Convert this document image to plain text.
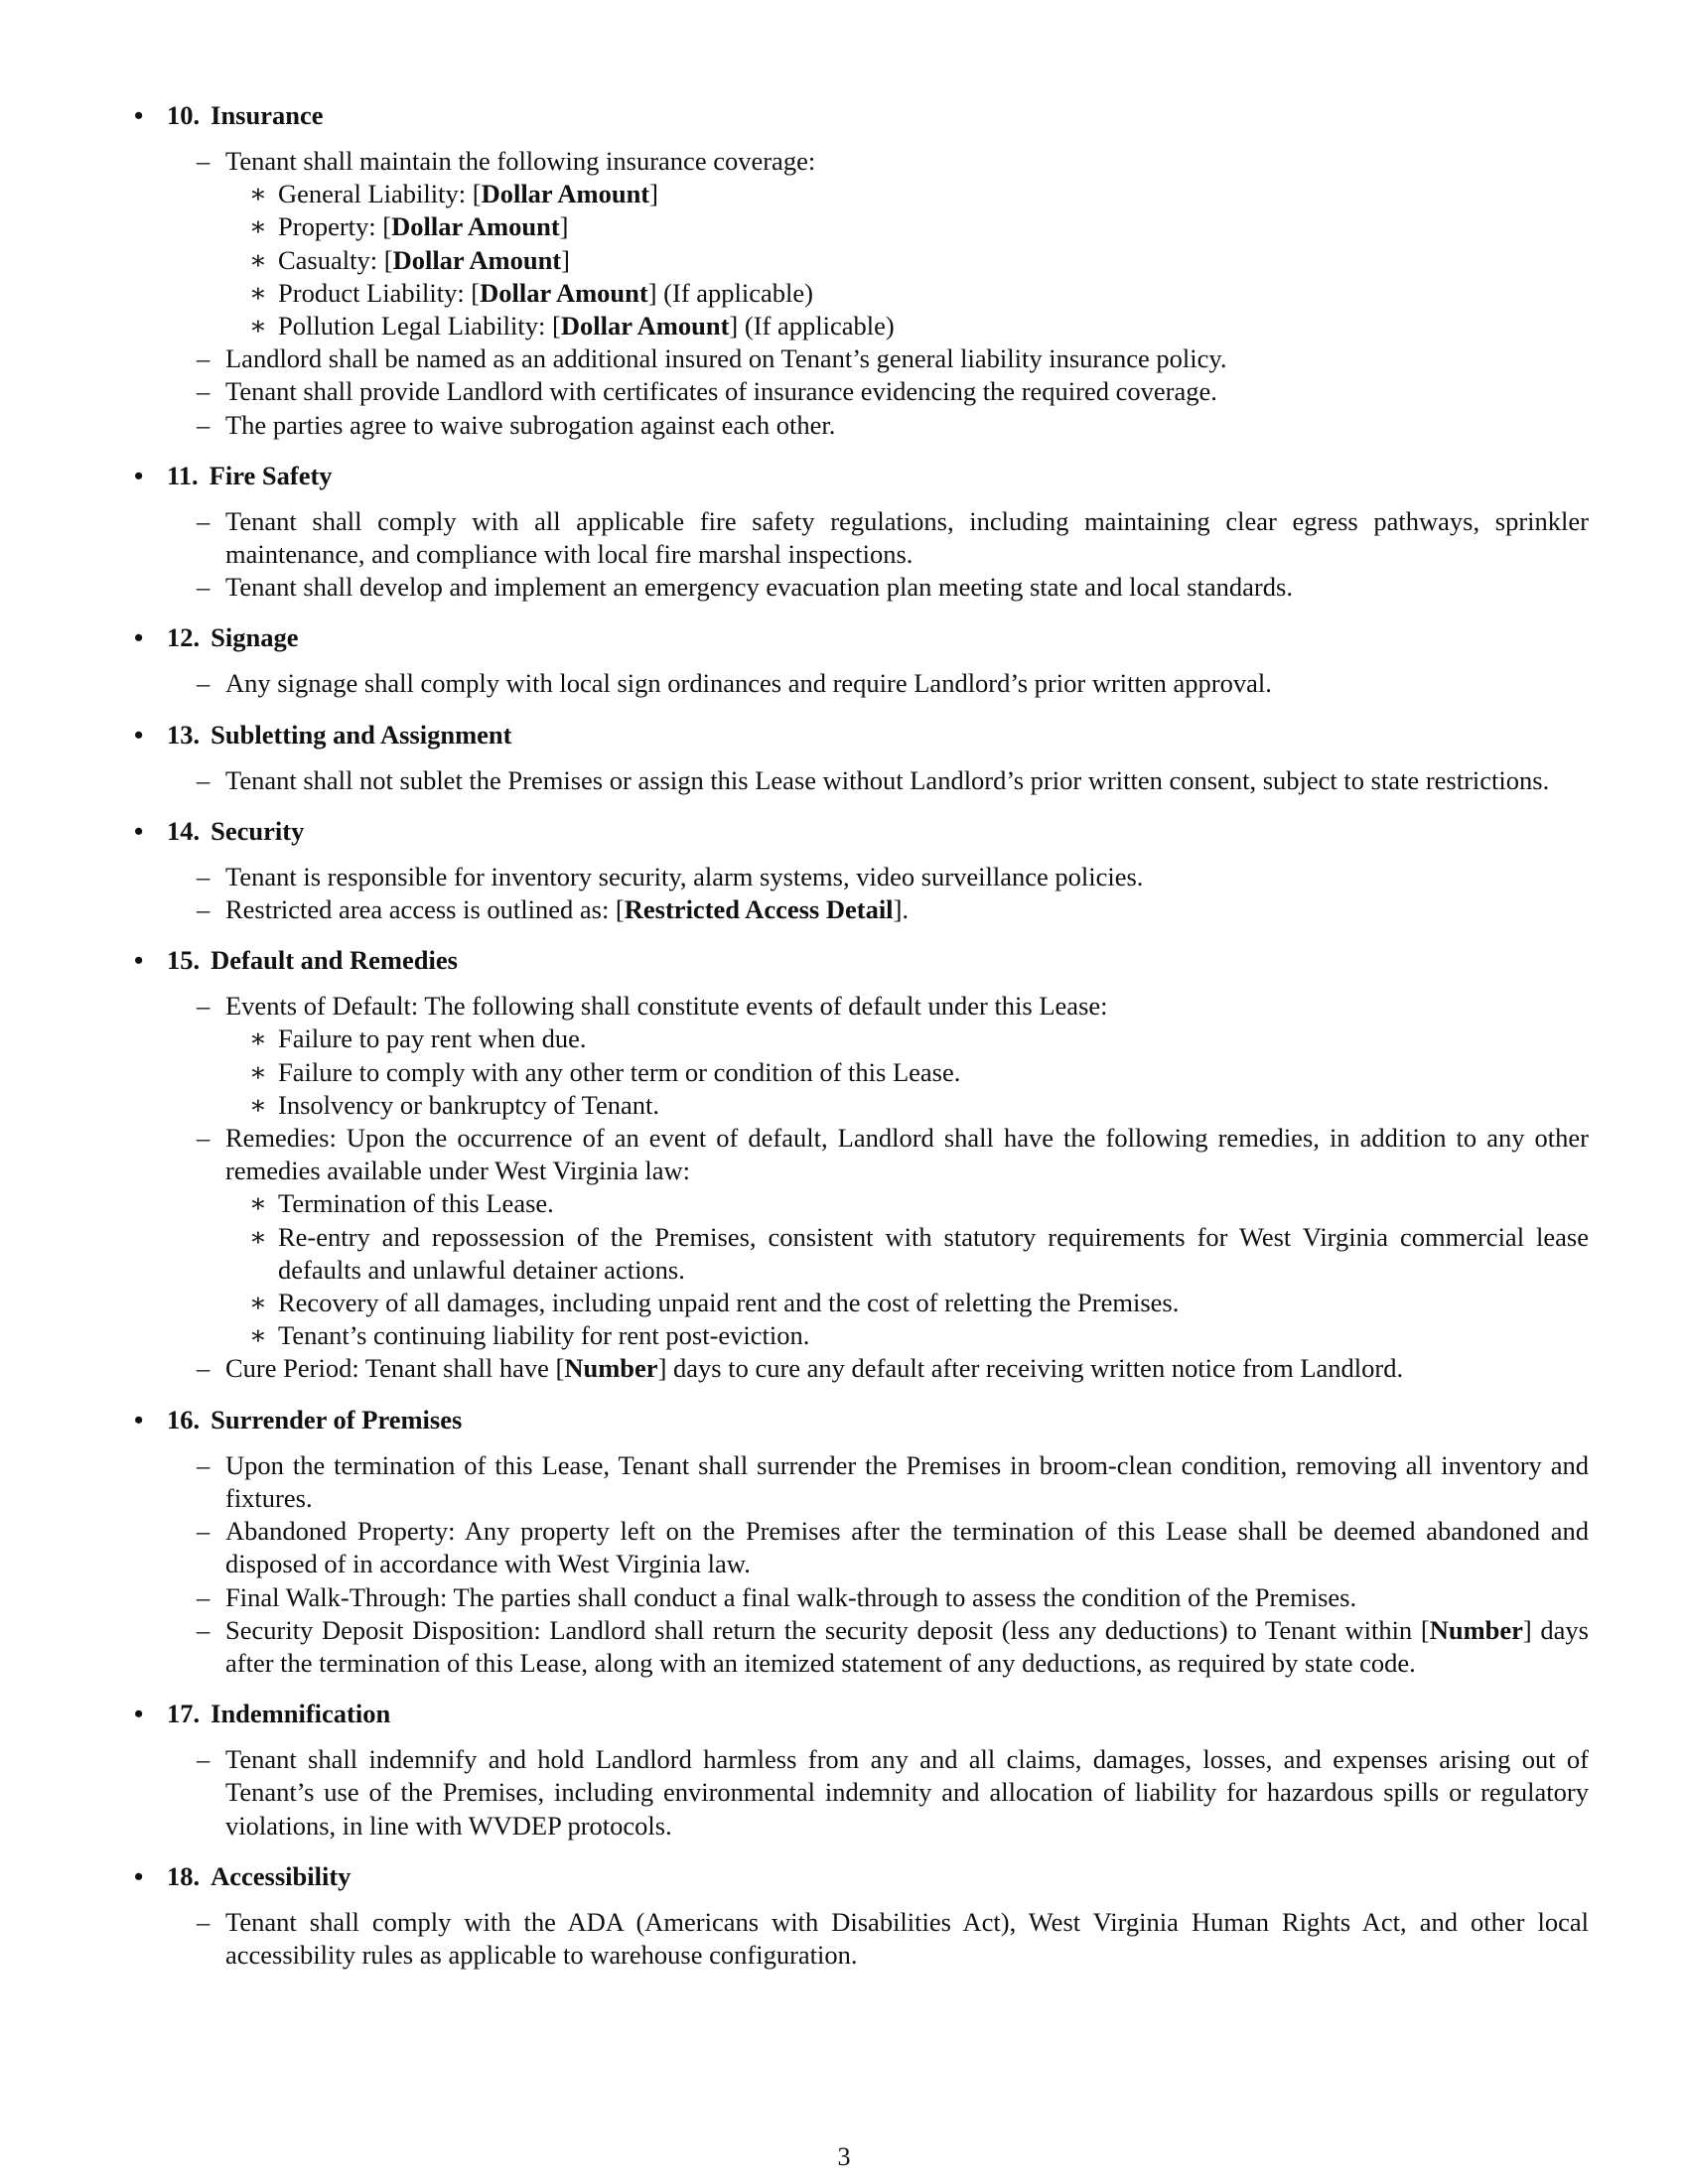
• 10. Insurance
– Tenant shall maintain the following insurance coverage:
∗ General Liability: [Dollar Amount]
∗ Property: [Dollar Amount]
∗ Casualty: [Dollar Amount]
∗ Product Liability: [Dollar Amount] (If applicable)
∗ Pollution Legal Liability: [Dollar Amount] (If applicable)
– Landlord shall be named as an additional insured on Tenant’s general liability insurance policy.
– Tenant shall provide Landlord with certificates of insurance evidencing the required coverage.
– The parties agree to waive subrogation against each other.
• 11. Fire Safety
– Tenant shall comply with all applicable fire safety regulations, including maintaining clear egress pathways, sprinkler maintenance, and compliance with local fire marshal inspections.
– Tenant shall develop and implement an emergency evacuation plan meeting state and local standards.
• 12. Signage
– Any signage shall comply with local sign ordinances and require Landlord’s prior written approval.
• 13. Subletting and Assignment
– Tenant shall not sublet the Premises or assign this Lease without Landlord’s prior written consent, subject to state restrictions.
• 14. Security
– Tenant is responsible for inventory security, alarm systems, video surveillance policies.
– Restricted area access is outlined as: [Restricted Access Detail].
• 15. Default and Remedies
– Events of Default: The following shall constitute events of default under this Lease:
∗ Failure to pay rent when due.
∗ Failure to comply with any other term or condition of this Lease.
∗ Insolvency or bankruptcy of Tenant.
– Remedies: Upon the occurrence of an event of default, Landlord shall have the following remedies, in addition to any other remedies available under West Virginia law:
∗ Termination of this Lease.
∗ Re-entry and repossession of the Premises, consistent with statutory requirements for West Virginia commercial lease defaults and unlawful detainer actions.
∗ Recovery of all damages, including unpaid rent and the cost of reletting the Premises.
∗ Tenant’s continuing liability for rent post-eviction.
– Cure Period: Tenant shall have [Number] days to cure any default after receiving written notice from Landlord.
• 16. Surrender of Premises
– Upon the termination of this Lease, Tenant shall surrender the Premises in broom-clean condition, removing all inventory and fixtures.
– Abandoned Property: Any property left on the Premises after the termination of this Lease shall be deemed abandoned and disposed of in accordance with West Virginia law.
– Final Walk-Through: The parties shall conduct a final walk-through to assess the condition of the Premises.
– Security Deposit Disposition: Landlord shall return the security deposit (less any deductions) to Tenant within [Number] days after the termination of this Lease, along with an itemized statement of any deductions, as required by state code.
• 17. Indemnification
– Tenant shall indemnify and hold Landlord harmless from any and all claims, damages, losses, and expenses arising out of Tenant’s use of the Premises, including environmental indemnity and allocation of liability for hazardous spills or regulatory violations, in line with WVDEP protocols.
• 18. Accessibility
– Tenant shall comply with the ADA (Americans with Disabilities Act), West Virginia Human Rights Act, and other local accessibility rules as applicable to warehouse configuration.
3
